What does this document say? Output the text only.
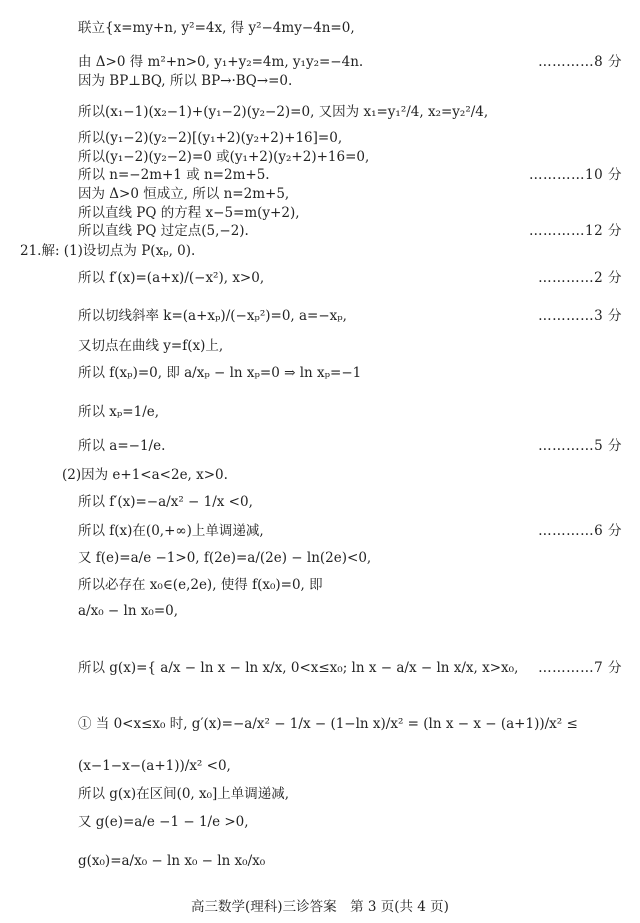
联立{x=my+n, y²=4x, 得 y²−4my−4n=0,
由 Δ>0 得 m²+n>0, y₁+y₂=4m, y₁y₂=−4n.	…………8 分
因为 BP⊥BQ, 所以 BP→·BQ→=0.
所以(x₁−1)(x₂−1)+(y₁−2)(y₂−2)=0, 又因为 x₁=y₁²/4, x₂=y₂²/4,
所以(y₁−2)(y₂−2)[(y₁+2)(y₂+2)+16]=0,
所以(y₁−2)(y₂−2)=0 或(y₁+2)(y₂+2)+16=0,
所以 n=−2m+1 或 n=2m+5.	…………10 分
因为 Δ>0 恒成立, 所以 n=2m+5,
所以直线 PQ 的方程 x−5=m(y+2),
所以直线 PQ 过定点(5,−2).	…………12 分
21.解: (1)设切点为 P(xₚ, 0).
所以 f′(x)=(a+x)/(−x²), x>0,	…………2 分
所以切线斜率 k=(a+xₚ)/(−xₚ²)=0, a=−xₚ,	…………3 分
又切点在曲线 y=f(x)上,
所以 f(xₚ)=0, 即 a/xₚ − ln xₚ=0 ⇒ ln xₚ=−1
所以 xₚ=1/e,
所以 a=−1/e.	…………5 分
(2)因为 e+1<a<2e, x>0.
所以 f′(x)=−a/x² − 1/x <0,
所以 f(x)在(0,+∞)上单调递减,	…………6 分
又 f(e)=a/e −1>0, f(2e)=a/(2e) − ln(2e)<0,
所以必存在 x₀∈(e,2e), 使得 f(x₀)=0, 即
a/x₀ − ln x₀=0,
所以 g(x)={ a/x − ln x − ln x/x, 0<x≤x₀; ln x − a/x − ln x/x, x>x₀, …………7 分
① 当 0<x≤x₀ 时, g′(x)=−a/x² − 1/x − (1−ln x)/x² = (ln x − x − (a+1))/x² ≤
(x−1−x−(a+1))/x² <0,
所以 g(x)在区间(0, x₀]上单调递减,
又 g(e)=a/e −1 − 1/e >0,
g(x₀)=a/x₀ − ln x₀ − ln x₀/x₀
高三数学(理科)三诊答案　第 3 页(共 4 页)
